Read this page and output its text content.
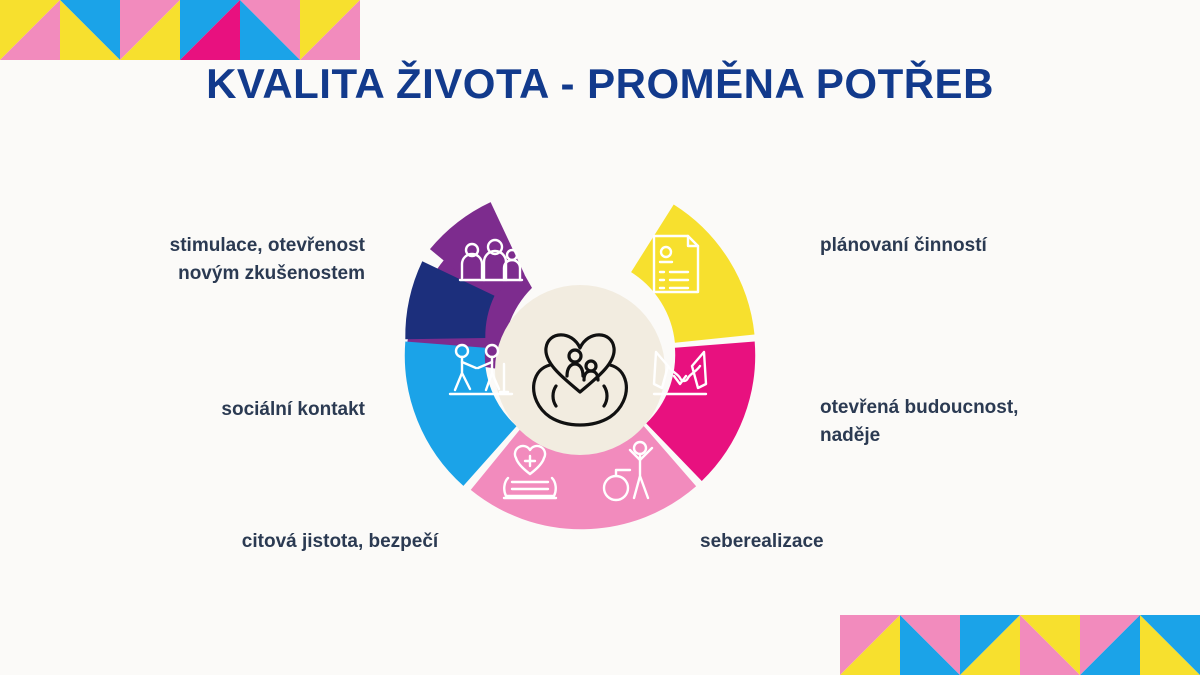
KVALITA ŽIVOTA - PROMĚNA POTŘEB
stimulace, otevřenost
novým zkušenostem
sociální kontakt
citová jistota, bezpečí
plánovaní činností
otevřená budoucnost,
naděje
seberealizace
